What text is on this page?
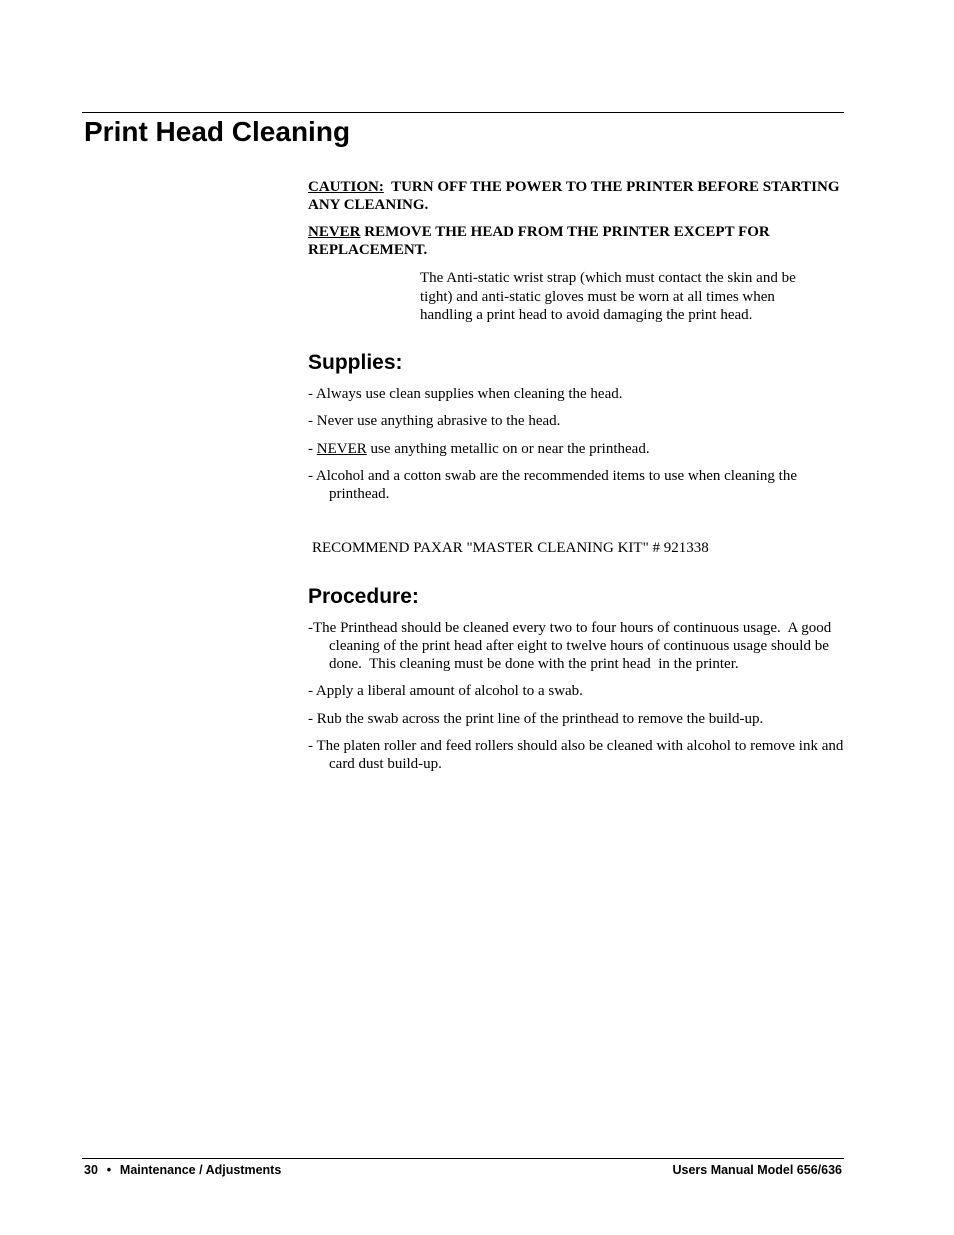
Print Head Cleaning

CAUTION:  TURN OFF THE POWER TO THE PRINTER BEFORE STARTING ANY CLEANING.

NEVER REMOVE THE HEAD FROM THE PRINTER EXCEPT FOR REPLACEMENT.

The Anti-static wrist strap (which must contact the skin and be tight) and anti-static gloves must be worn at all times when handling a print head to avoid damaging the print head.

Supplies:
- Always use clean supplies when cleaning the head.
- Never use anything abrasive to the head.
- NEVER use anything metallic on or near the printhead.
- Alcohol and a cotton swab are the recommended items to use when cleaning the printhead.

RECOMMEND PAXAR "MASTER CLEANING KIT" # 921338

Procedure:
-The Printhead should be cleaned every two to four hours of continuous usage.  A good cleaning of the print head after eight to twelve hours of continuous usage should be done.  This cleaning must be done with the print head  in the printer.
- Apply a liberal amount of alcohol to a swab.
- Rub the swab across the print line of the printhead to remove the build-up.
- The platen roller and feed rollers should also be cleaned with alcohol to remove ink and card dust build-up.
30 • Maintenance / Adjustments	Users Manual Model 656/636
